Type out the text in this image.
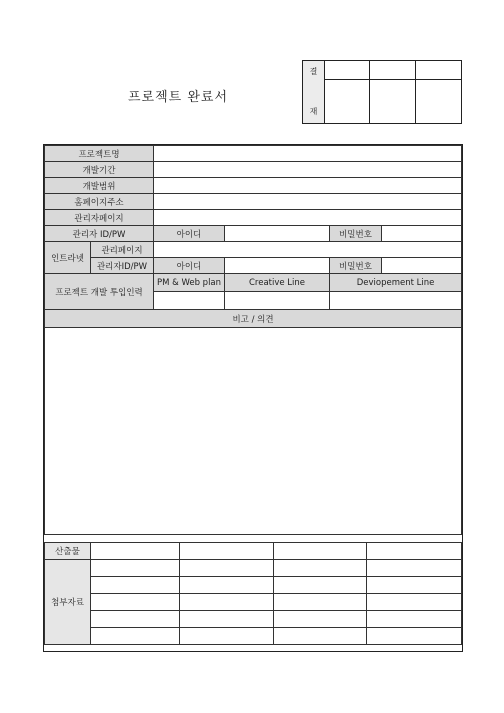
프로젝트 완료서
결
재			

프로젝트명					
개발기간					
개발범위					
홈페이지주소					
관리자페이지					
관리자 ID/PW		아이디		비밀번호	
인트라넷	관리페이지				
	관리자ID/PW	아이디		비밀번호	
프로젝트 개발 투입인력		PM & Web plan	Creative Line	Deviopement Line	

비고 / 의견					

산출물				
첨부자료				
